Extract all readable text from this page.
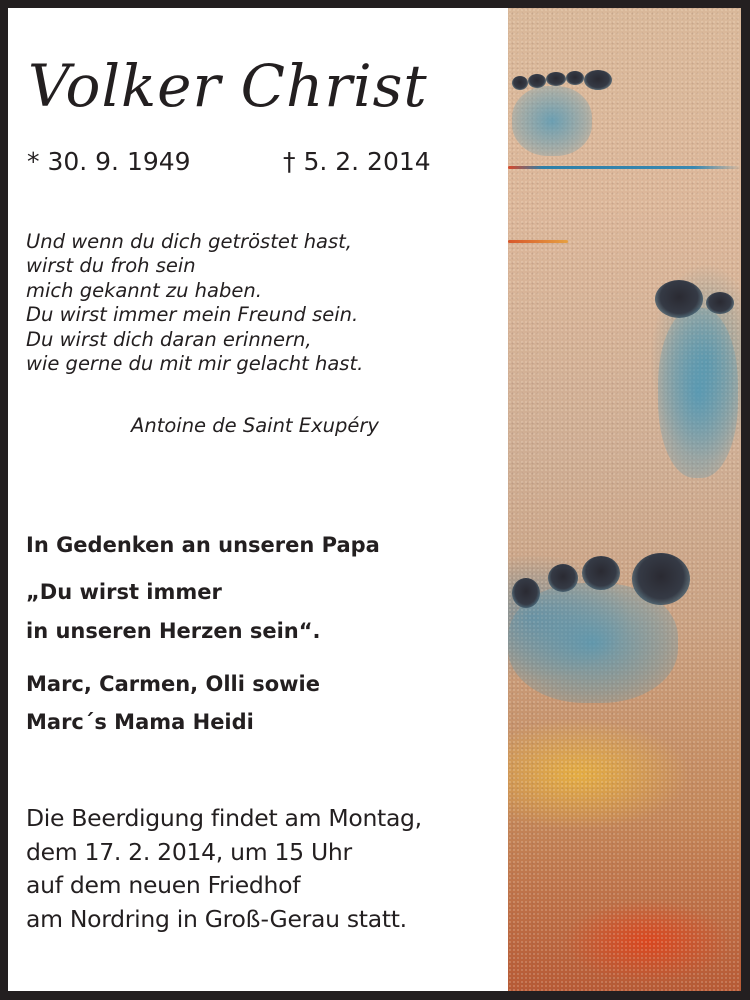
Volker Christ
* 30. 9. 1949	† 5. 2. 2014
Und wenn du dich getröstet hast,
wirst du froh sein
mich gekannt zu haben.
Du wirst immer mein Freund sein.
Du wirst dich daran erinnern,
wie gerne du mit mir gelacht hast.
Antoine de Saint Exupéry
In Gedenken an unseren Papa
„Du wirst immer
in unseren Herzen sein“.
Marc, Carmen, Olli sowie
Marc´s Mama Heidi
Die Beerdigung findet am Montag,
dem 17. 2. 2014, um 15 Uhr
auf dem neuen Friedhof
am Nordring in Groß-Gerau statt.
